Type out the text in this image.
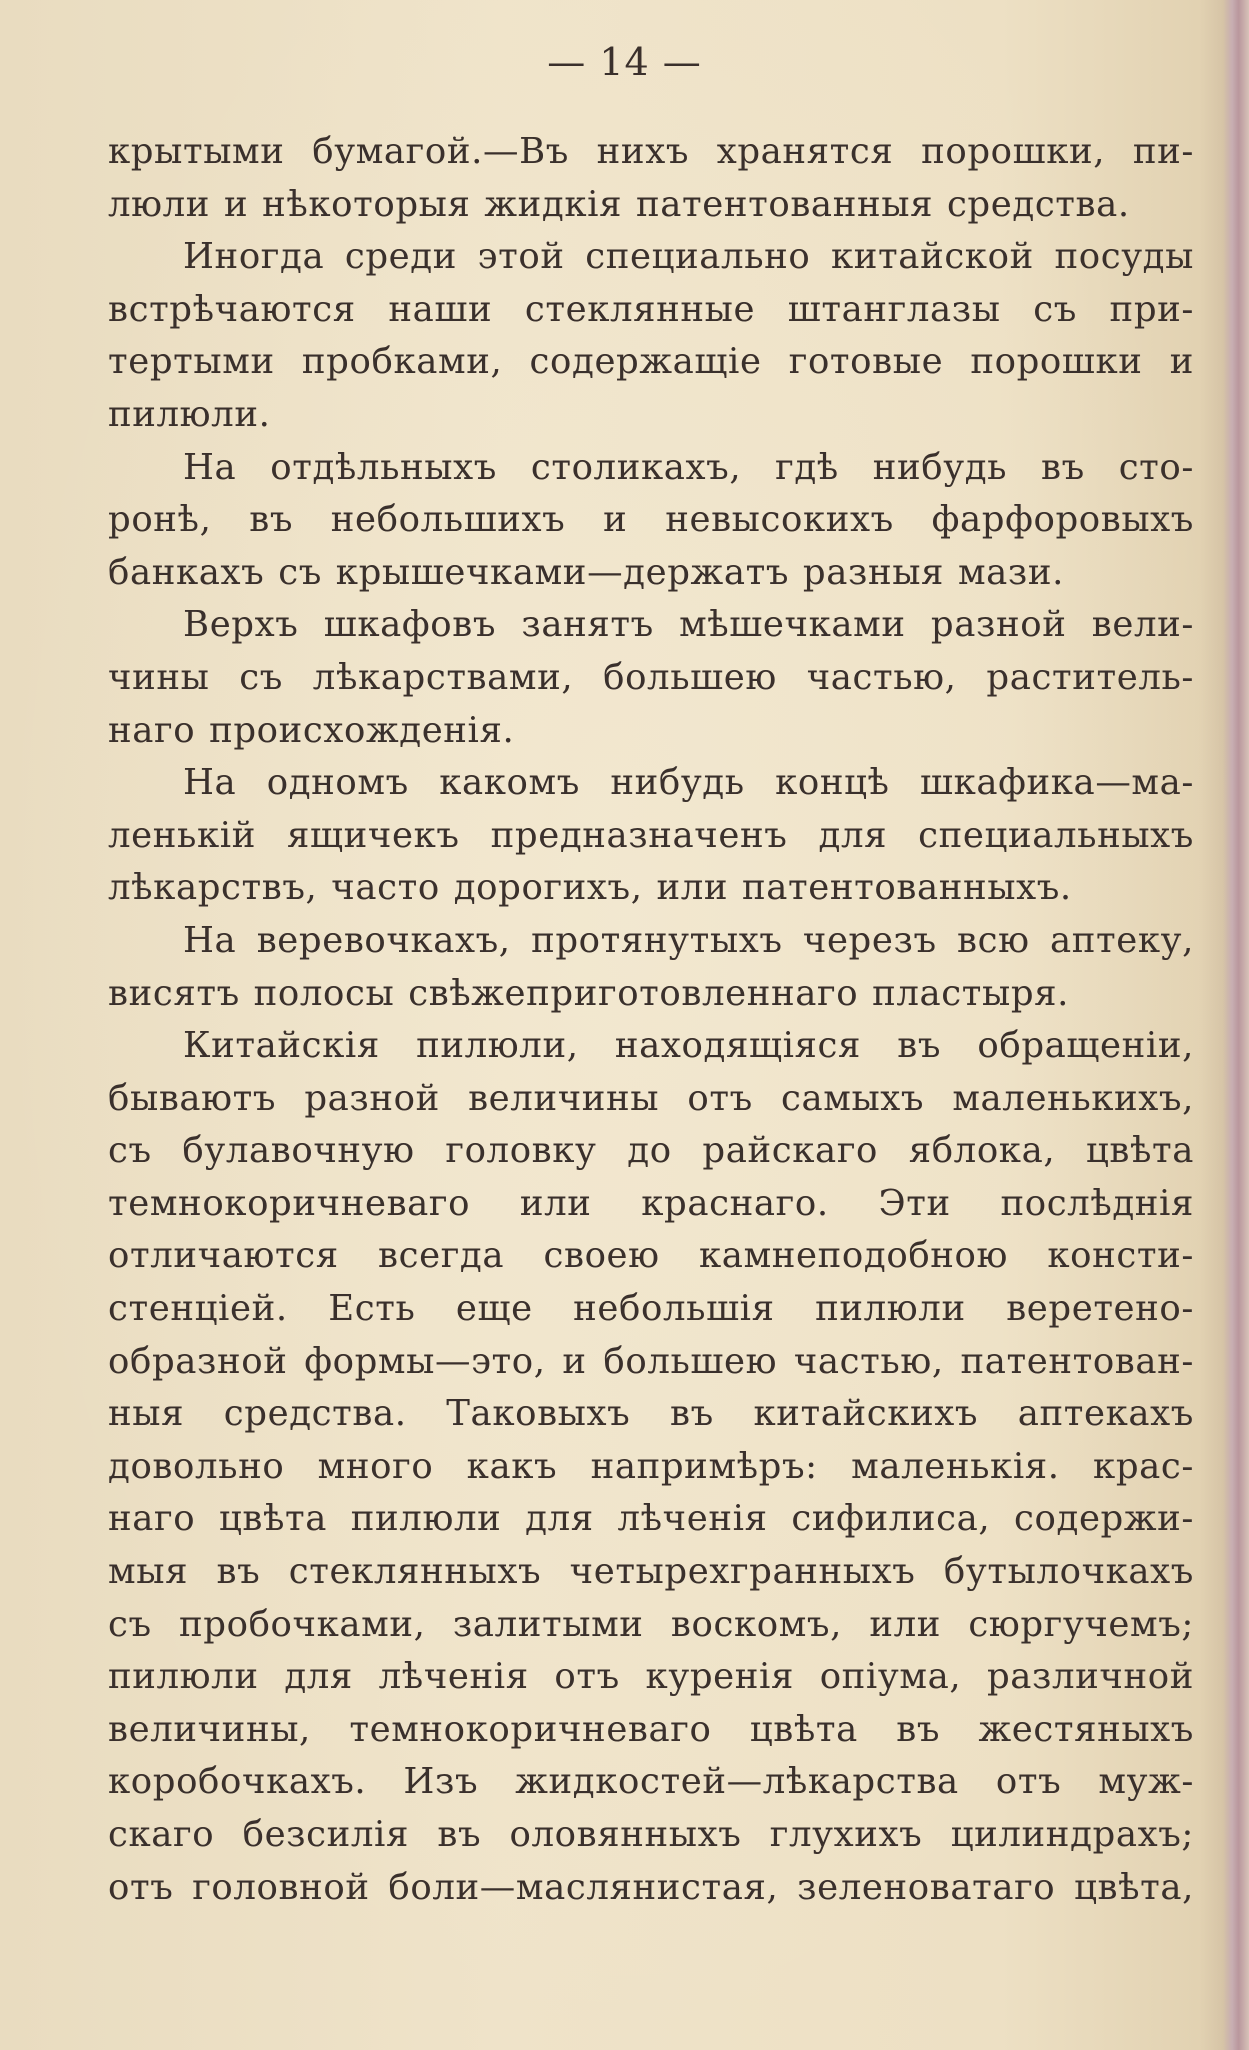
— 14 —

крытыми бумагой.—Въ нихъ хранятся порошки, пи-
люли и нѣкоторыя жидкія патентованныя средства.

Иногда среди этой специально китайской посуды
встрѣчаются наши стеклянные штанглазы съ при-
тертыми пробками, содержащіе готовые порошки и
пилюли.

На отдѣльныхъ столикахъ, гдѣ нибудь въ сто-
ронѣ, въ небольшихъ и невысокихъ фарфоровыхъ
банкахъ съ крышечками—держатъ разныя мази.

Верхъ шкафовъ занятъ мѣшечками разной вели-
чины съ лѣкарствами, большею частью, раститель-
наго происхожденія.

На одномъ какомъ нибудь концѣ шкафика—ма-
ленькій ящичекъ предназначенъ для специальныхъ
лѣкарствъ, часто дорогихъ, или патентованныхъ.

На веревочкахъ, протянутыхъ черезъ всю аптеку,
висятъ полосы свѣжеприготовленнаго пластыря.

Китайскія пилюли, находящіяся въ обращеніи,
бываютъ разной величины отъ самыхъ маленькихъ,
съ булавочную головку до райскаго яблока, цвѣта
темнокоричневаго или краснаго. Эти послѣднія
отличаются всегда своею камнеподобною консти-
стенціей. Есть еще небольшія пилюли веретено-
образной формы—это, и большею частью, патентован-
ныя средства. Таковыхъ въ китайскихъ аптекахъ
довольно много какъ напримѣръ: маленькія. крас-
наго цвѣта пилюли для лѣченія сифилиса, содержи-
мыя въ стеклянныхъ четырехгранныхъ бутылочкахъ
съ пробочками, залитыми воскомъ, или сюргучемъ;
пилюли для лѣченія отъ куренія опіума, различной
величины, темнокоричневаго цвѣта въ жестяныхъ
коробочкахъ. Изъ жидкостей—лѣкарства отъ муж-
скаго безсилія въ оловянныхъ глухихъ цилиндрахъ;
отъ головной боли—маслянистая, зеленоватаго цвѣта,
